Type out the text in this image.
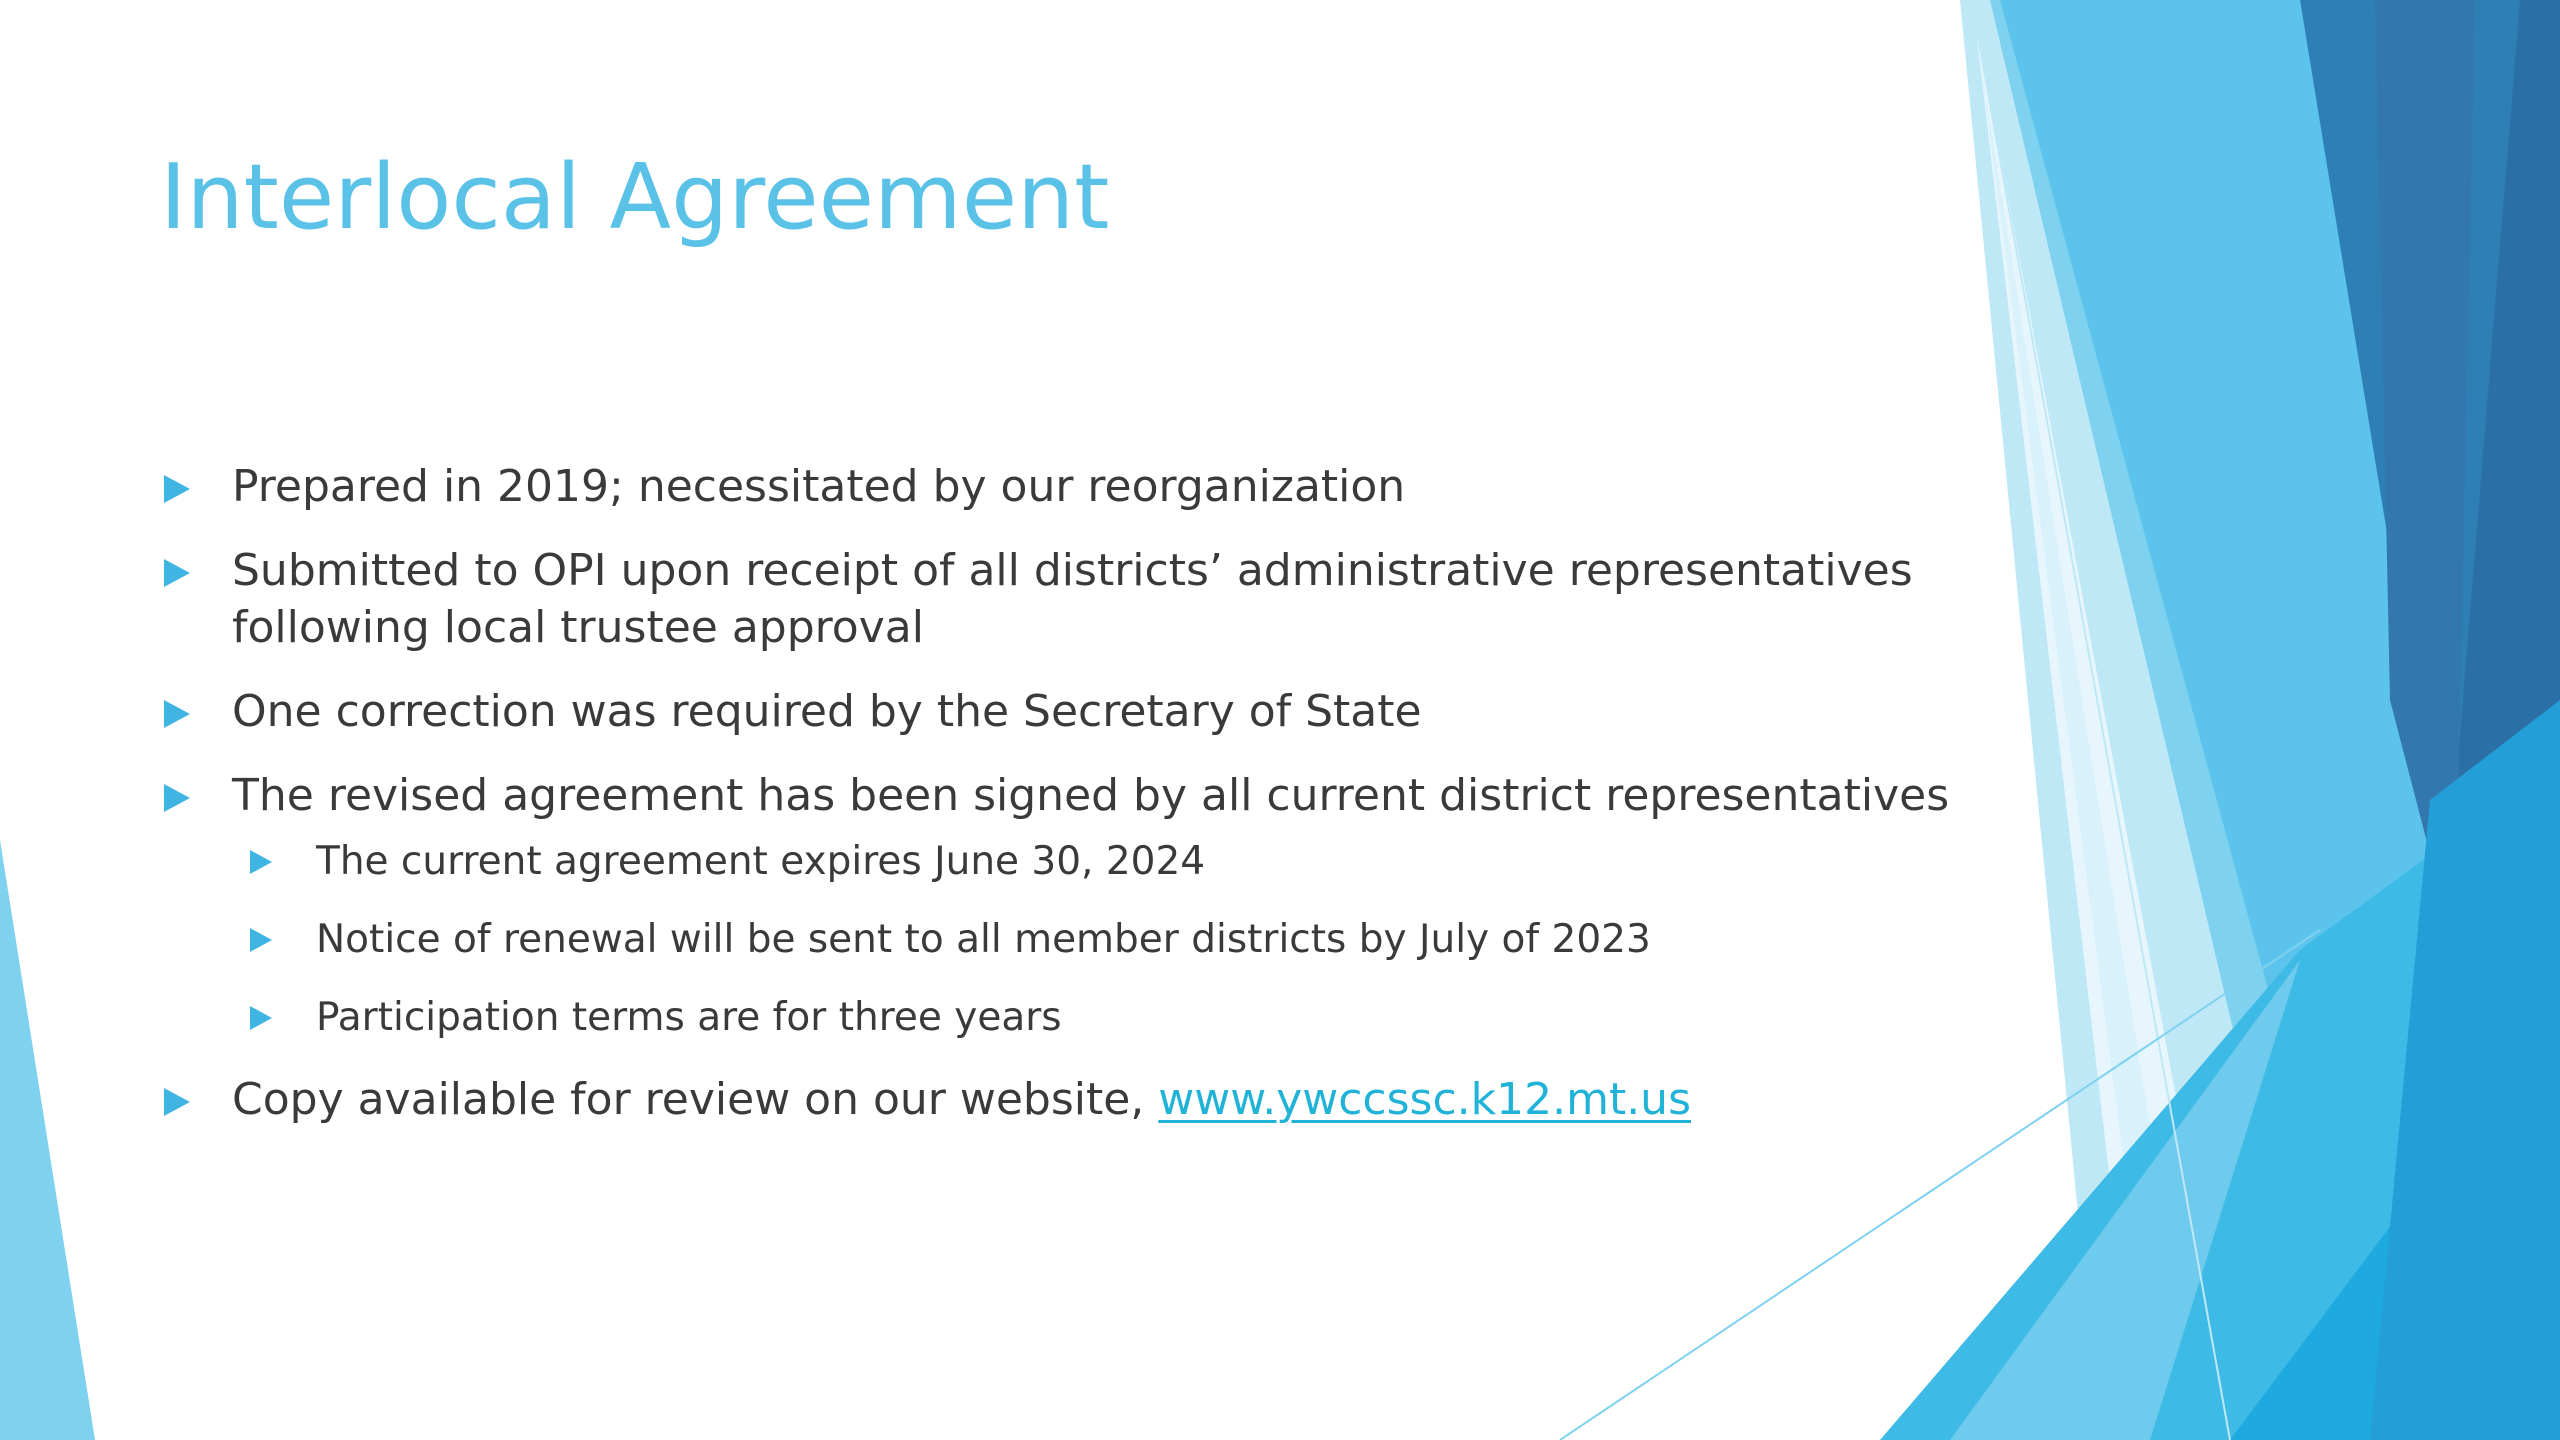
Interlocal Agreement
Prepared in 2019; necessitated by our reorganization
Submitted to OPI upon receipt of all districts’ administrative representatives following local trustee approval
One correction was required by the Secretary of State
The revised agreement has been signed by all current district representatives
The current agreement expires June 30, 2024
Notice of renewal will be sent to all member districts by July of 2023
Participation terms are for three years
Copy available for review on our website, www.ywccssc.k12.mt.us
